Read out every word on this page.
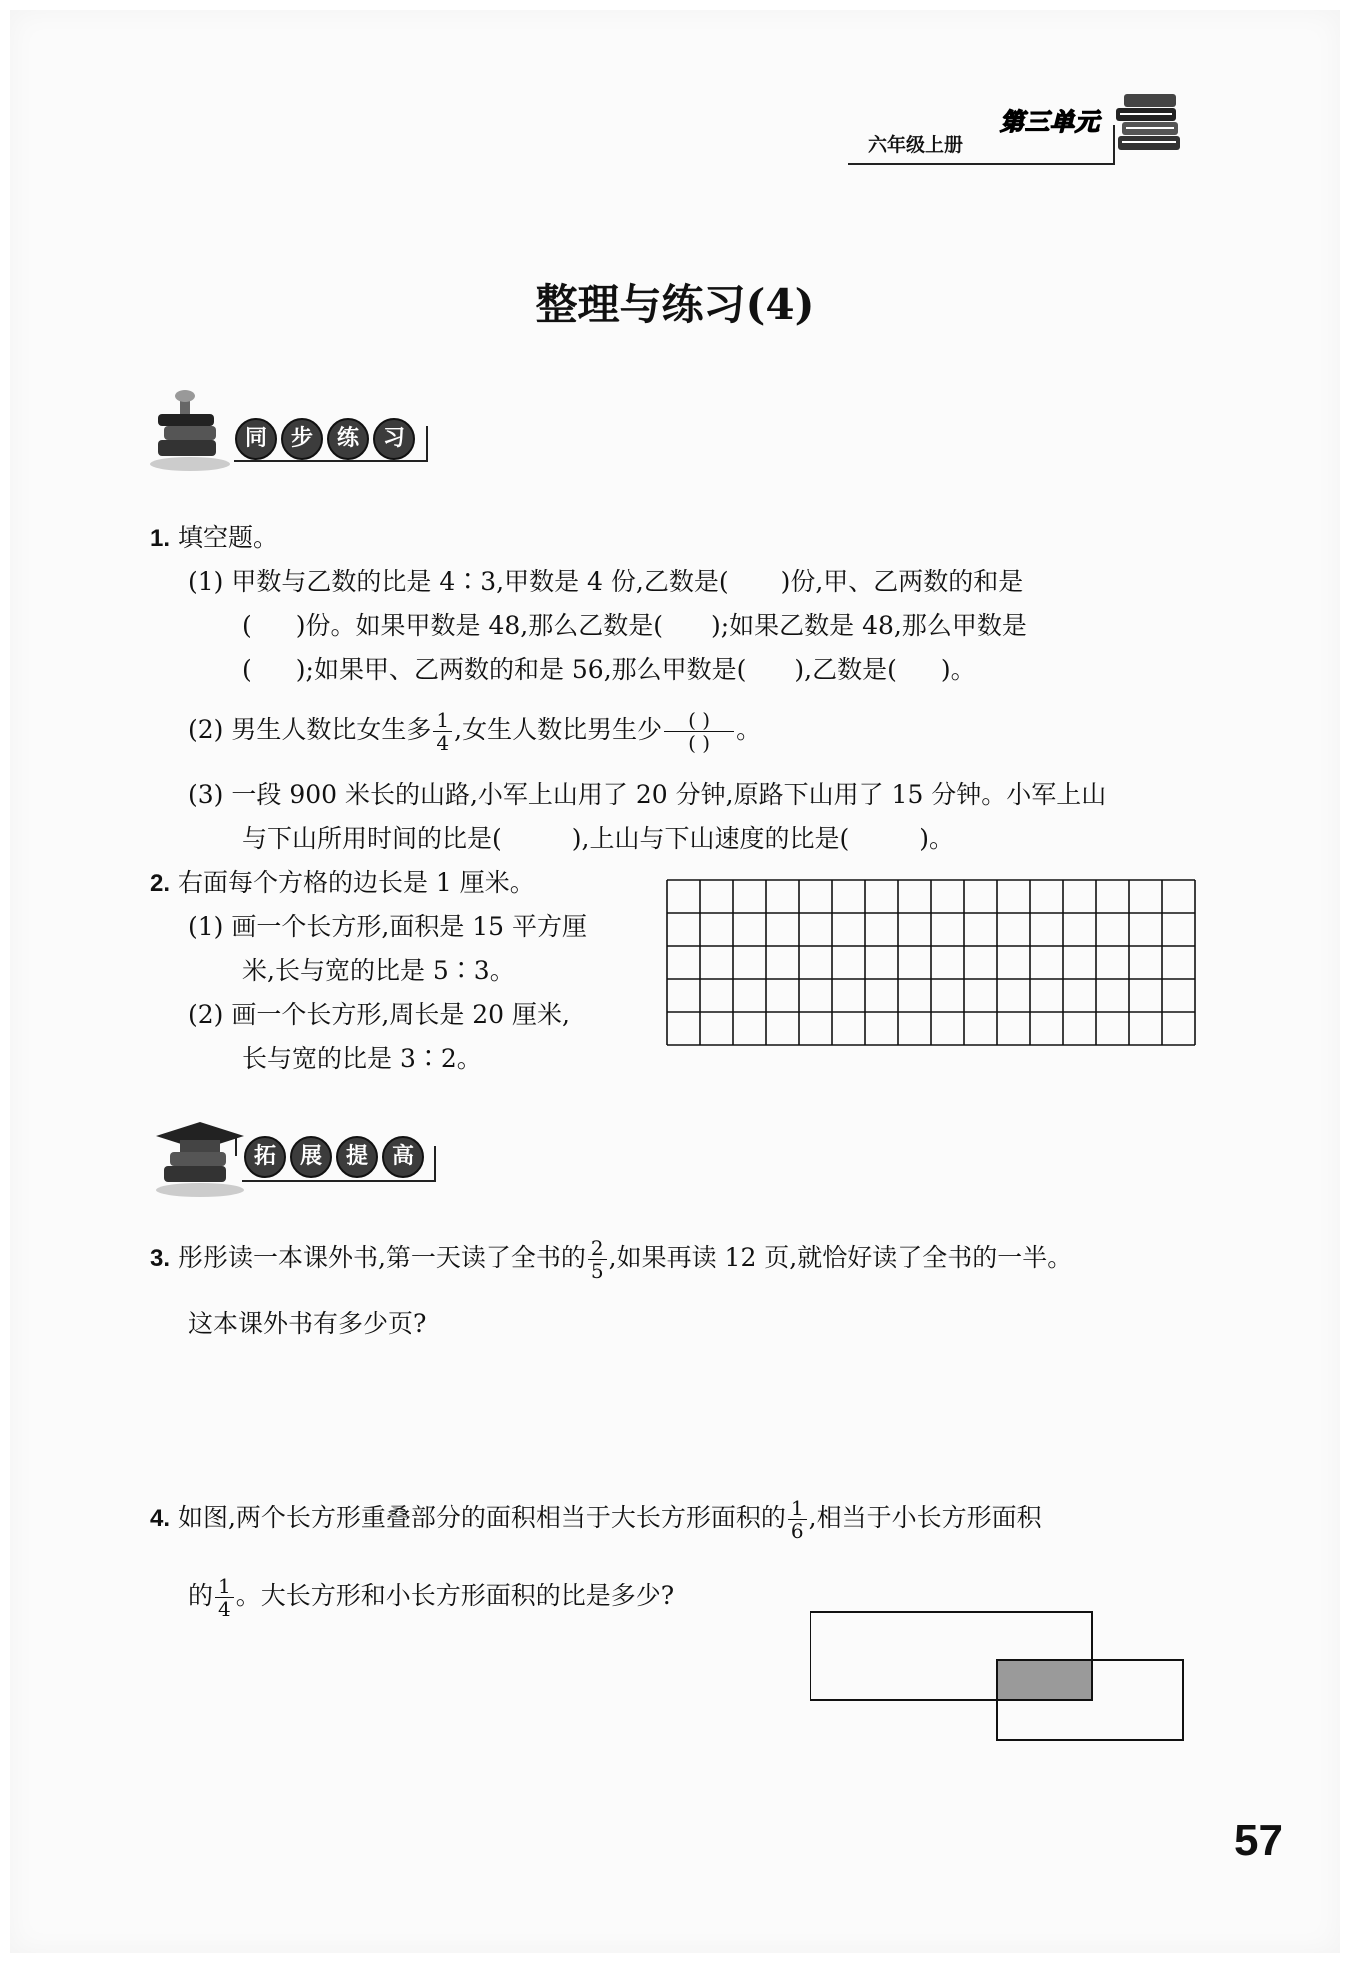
六年级上册
第三单元
整理与练习(4)
同 步 练 习
1. 填空题。
(1) 甲数与乙数的比是 4∶3,甲数是 4 份,乙数是( )份,甲、乙两数的和是
( )份。如果甲数是 48,那么乙数是( );如果乙数是 48,那么甲数是
( );如果甲、乙两数的和是 56,那么甲数是( ),乙数是( )。
(2) 男生人数比女生多 $\frac{1}{4}$ ,女生人数比男生少 $\frac{( )}{( )}$ 。
(3) 一段 900 米长的山路,小军上山用了 20 分钟,原路下山用了 15 分钟。小军上山
与下山所用时间的比是(	),上山与下山速度的比是(	)。
2. 右面每个方格的边长是 1 厘米。
(1) 画一个长方形,面积是 15 平方厘
米,长与宽的比是 5∶3。
(2) 画一个长方形,周长是 20 厘米,
长与宽的比是 3∶2。
拓 展 提 高
3. 彤彤读一本课外书,第一天读了全书的 $\frac{2}{5}$ ,如果再读 12 页,就恰好读了全书的一半。
这本课外书有多少页?
4. 如图,两个长方形重叠部分的面积相当于大长方形面积的 $\frac{1}{6}$ ,相当于小长方形面积
的 $\frac{1}{4}$ 。大长方形和小长方形面积的比是多少?
57
